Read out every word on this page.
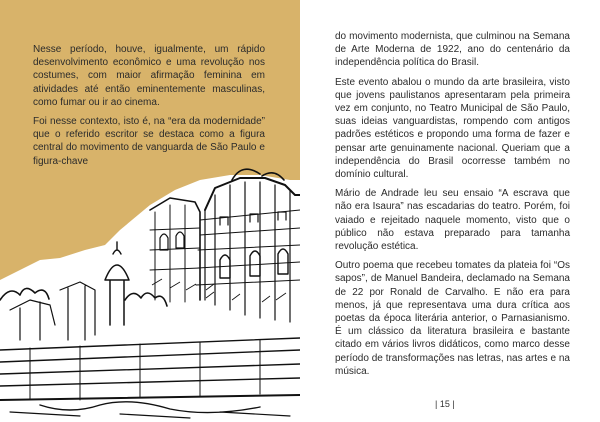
Nesse período, houve, igualmente, um rápido desenvolvimento econômico e uma revolução nos costumes, com maior afirmação feminina em atividades até então eminentemente masculinas, como fumar ou ir ao cinema.

Foi nesse contexto, isto é, na “era da modernidade” que o referido escritor se destaca como a figura central do movimento de vanguarda de São Paulo e figura-chave

do movimento modernista, que culminou na Semana de Arte Moderna de 1922, ano do centenário da independência política do Brasil.

Este evento abalou o mundo da arte brasileira, visto que jovens paulistanos apresentaram pela primeira vez em conjunto, no Teatro Municipal de São Paulo, suas ideias vanguardistas, rompendo com antigos padrões estéticos e propondo uma forma de fazer e pensar arte genuinamente nacional. Queriam que a independência do Brasil ocorresse também no domínio cultural.

Mário de Andrade leu seu ensaio “A escrava que não era Isaura” nas escadarias do teatro. Porém, foi vaiado e rejeitado naquele momento, visto que o público não estava preparado para tamanha revolução estética.

Outro poema que recebeu tomates da plateia foi “Os sapos”, de Manuel Bandeira, declamado na Semana de 22 por Ronald de Carvalho. E não era para menos, já que representava uma dura crítica aos poetas da época literária anterior, o Parnasianismo. É um clássico da literatura brasileira e bastante citado em vários livros didáticos, como marco desse período de transformações nas letras, nas artes e na música.

| 15 |
